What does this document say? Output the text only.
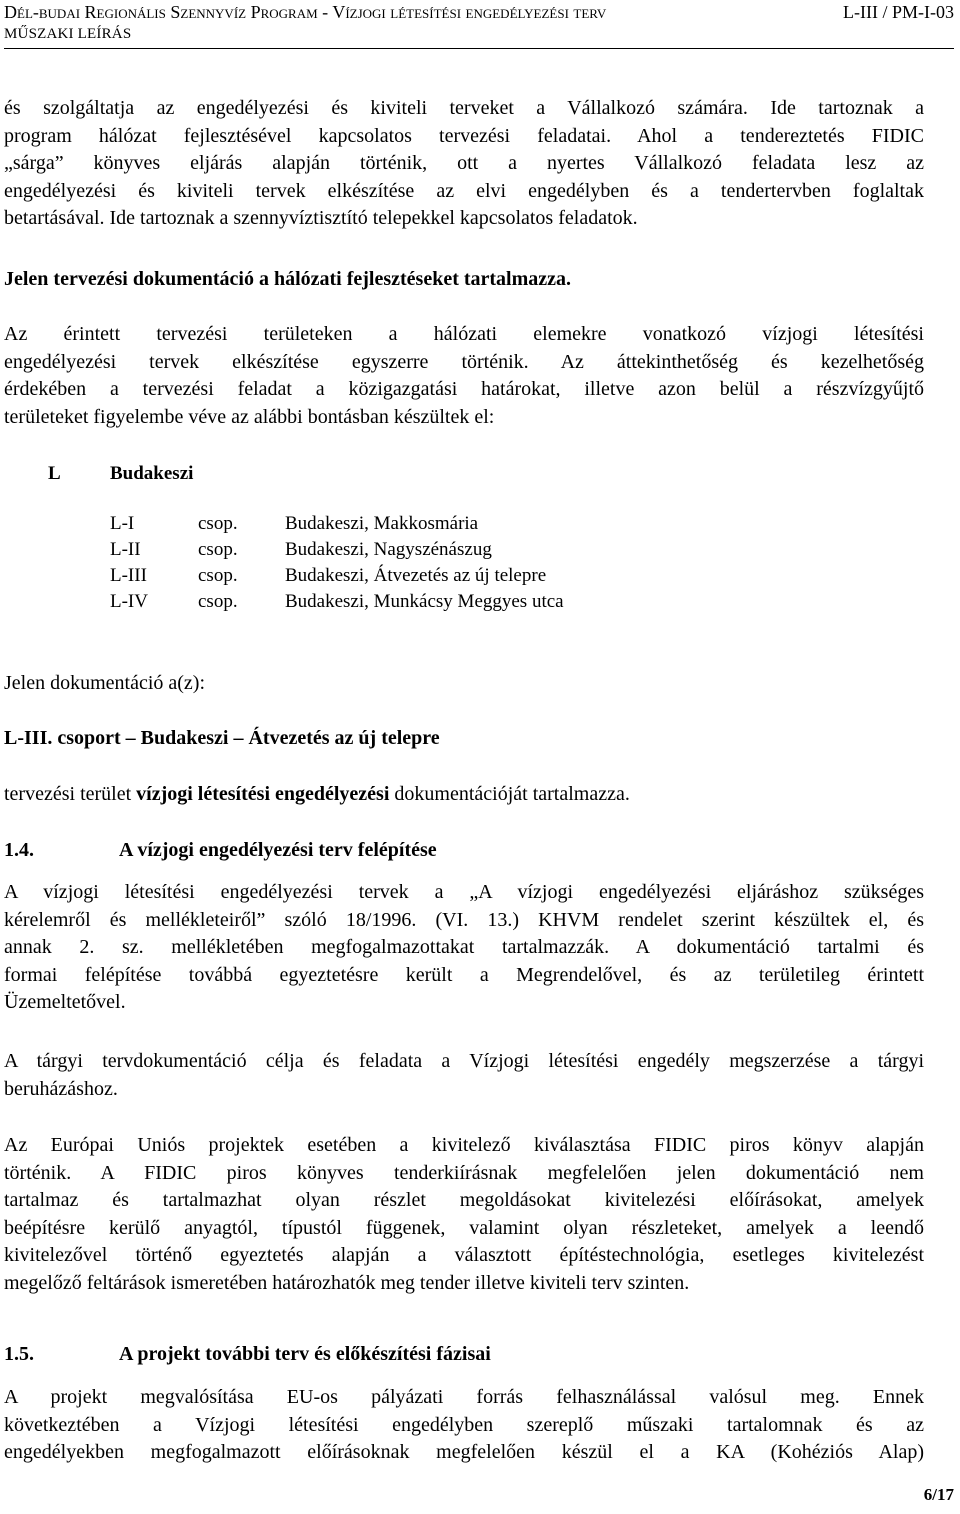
Dél-budai Regionális Szennyvíz Program - Vízjogi létesítési engedélyezési terv	L-III / PM-I-03
MŰSZAKI LEÍRÁS
és szolgáltatja az engedélyezési és kiviteli terveket a Vállalkozó számára. Ide tartoznak a
program hálózat fejlesztésével kapcsolatos tervezési feladatai. Ahol a tendereztetés FIDIC
„sárga” könyves eljárás alapján történik, ott a nyertes Vállalkozó feladata lesz az
engedélyezési és kiviteli tervek elkészítése az elvi engedélyben és a tendertervben foglaltak
betartásával. Ide tartoznak a szennyvíztisztító telepekkel kapcsolatos feladatok.
Jelen tervezési dokumentáció a hálózati fejlesztéseket tartalmazza.
Az érintett tervezési területeken a hálózati elemekre vonatkozó vízjogi létesítési
engedélyezési tervek elkészítése egyszerre történik. Az áttekinthetőség és kezelhetőség
érdekében a tervezési feladat a közigazgatási határokat, illetve azon belül a részvízgyűjtő
területeket figyelembe véve az alábbi bontásban készültek el:
L	Budakeszi
L-I	csop. Budakeszi, Makkosmária
L-II	csop. Budakeszi, Nagyszénászug
L-III	csop. Budakeszi, Átvezetés az új telepre
L-IV	csop. Budakeszi, Munkácsy Meggyes utca
Jelen dokumentáció a(z):
L-III. csoport – Budakeszi – Átvezetés az új telepre
tervezési terület vízjogi létesítési engedélyezési dokumentációját tartalmazza.
1.4.	A vízjogi engedélyezési terv felépítése
A vízjogi létesítési engedélyezési tervek a „A vízjogi engedélyezési eljáráshoz szükséges
kérelemről és mellékleteiről” szóló 18/1996. (VI. 13.) KHVM rendelet szerint készültek el, és
annak 2. sz. mellékletében megfogalmazottakat tartalmazzák. A dokumentáció tartalmi és
formai felépítése továbbá egyeztetésre került a Megrendelővel, és az területileg érintett
Üzemeltetővel.
A tárgyi tervdokumentáció célja és feladata a Vízjogi létesítési engedély megszerzése a tárgyi
beruházáshoz.
Az Európai Uniós projektek esetében a kivitelező kiválasztása FIDIC piros könyv alapján
történik. A FIDIC piros könyves tenderkiírásnak megfelelően jelen dokumentáció nem
tartalmaz és tartalmazhat olyan részlet megoldásokat kivitelezési előírásokat, amelyek
beépítésre kerülő anyagtól, típustól függenek, valamint olyan részleteket, amelyek a leendő
kivitelezővel történő egyeztetés alapján a választott építéstechnológia, esetleges kivitelezést
megelőző feltárások ismeretében határozhatók meg tender illetve kiviteli terv szinten.
1.5.	A projekt további terv és előkészítési fázisai
A projekt megvalósítása EU-os pályázati forrás felhasználással valósul meg. Ennek
következtében a Vízjogi létesítési engedélyben szereplő műszaki tartalomnak és az
engedélyekben megfogalmazott előírásoknak megfelelően készül el a KA (Kohéziós Alap)
6/17
